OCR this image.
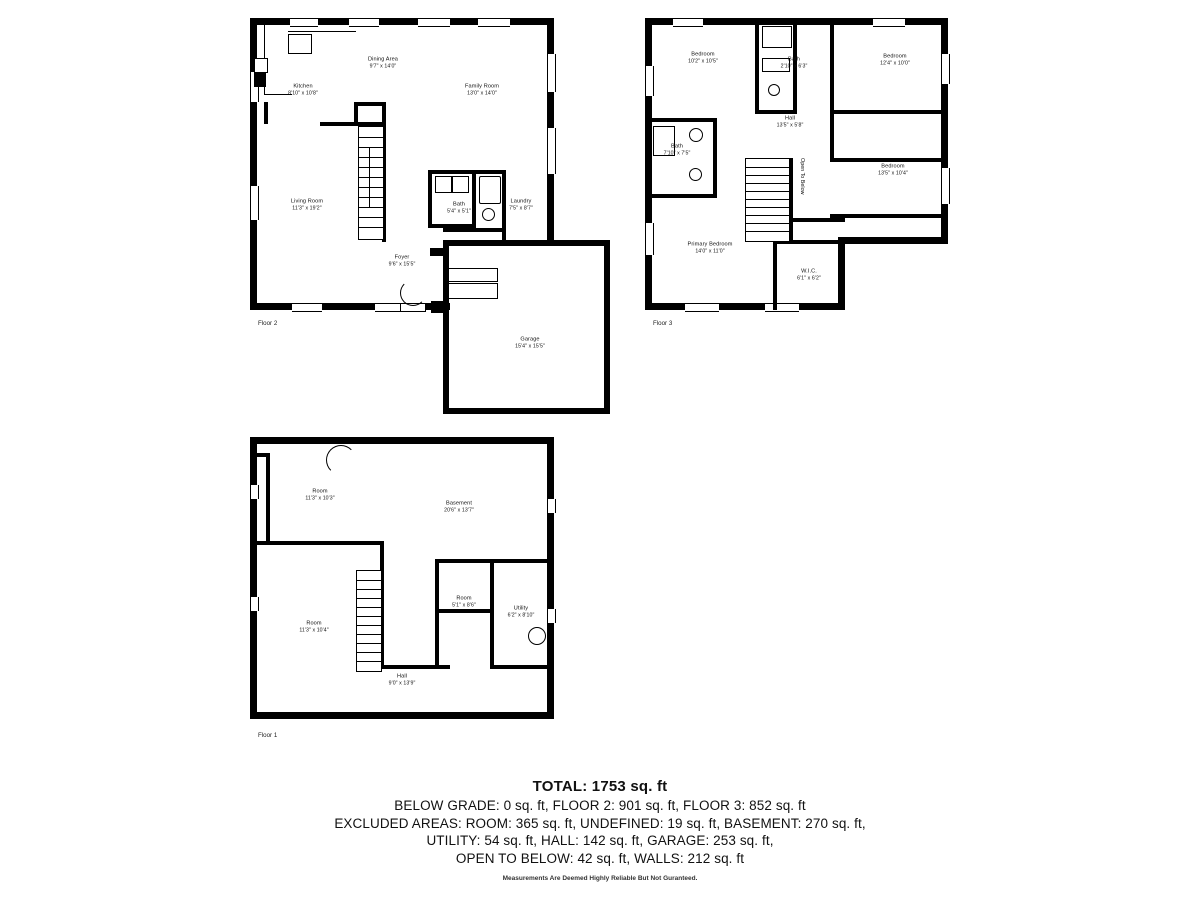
Kitchen
8'10" x 10'8"
Dining Area
9'7" x 14'0"
Family Room
13'0" x 14'0"
Living Room
11'3" x 19'2"
Bath
5'4" x 5'1"
Laundry
7'5" x 8'7"
Foyer
9'6" x 15'5"
Garage
15'4" x 15'5"
Floor 2
Open To Below
Bedroom
10'2" x 10'5"	Bath
2'10" x 6'3"
Bedroom
12'4" x 10'0"
Hall
13'5" x 5'8"
Bath
7'10" x 7'5"
Bedroom
13'5" x 10'4"
Primary Bedroom
14'0" x 11'0"
W.I.C.
6'1" x 6'2"
Floor 3
Room
11'3" x 10'3"
Basement
20'6" x 13'7"
Room
11'3" x 10'4"
Room
5'1" x 8'6"
Utility
6'2" x 8'10"
Hall
9'0" x 13'9"
Floor 1
TOTAL: 1753 sq. ft
BELOW GRADE: 0 sq. ft, FLOOR 2: 901 sq. ft, FLOOR 3: 852 sq. ft
EXCLUDED AREAS: ROOM: 365 sq. ft, UNDEFINED: 19 sq. ft, BASEMENT: 270 sq. ft,
UTILITY: 54 sq. ft, HALL: 142 sq. ft, GARAGE: 253 sq. ft,
OPEN TO BELOW: 42 sq. ft, WALLS: 212 sq. ft
Measurements Are Deemed Highly Reliable But Not Guranteed.
